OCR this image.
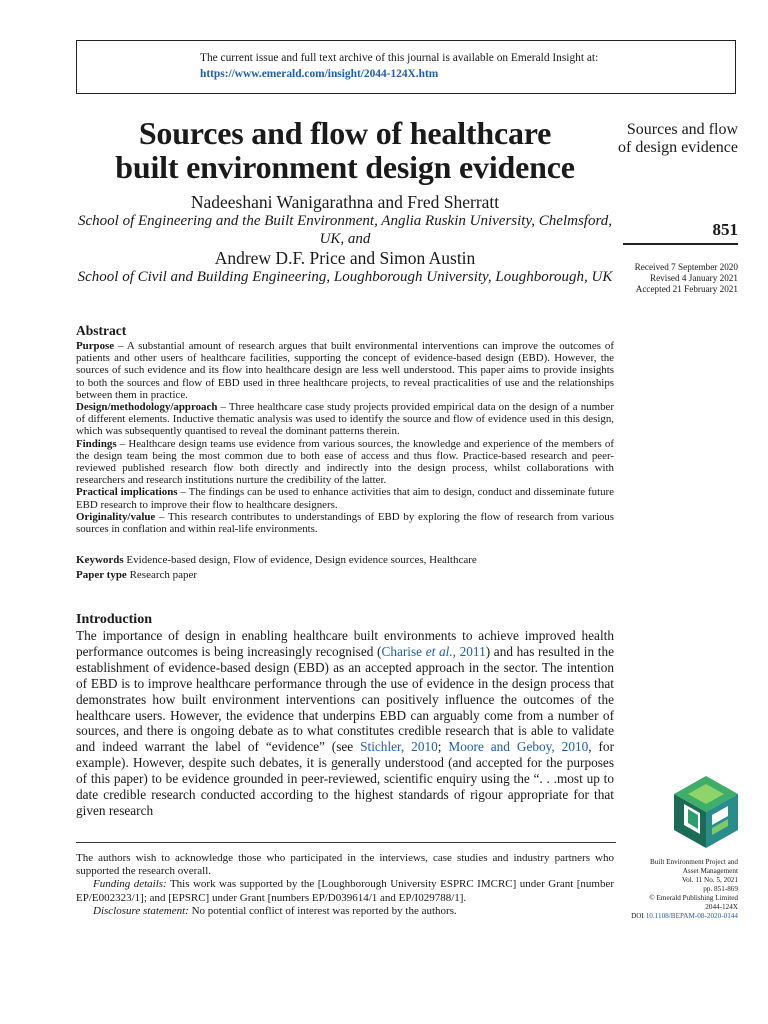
The current issue and full text archive of this journal is available on Emerald Insight at:
https://www.emerald.com/insight/2044-124X.htm
Sources and flow of healthcare
built environment design evidence
Nadeeshani Wanigarathna and Fred Sherratt
School of Engineering and the Built Environment, Anglia Ruskin University, Chelmsford, UK, and
Andrew D.F. Price and Simon Austin
School of Civil and Building Engineering, Loughborough University, Loughborough, UK
Sources and flow of design evidence
851
Received 7 September 2020
Revised 4 January 2021
Accepted 21 February 2021
Abstract

Purpose – A substantial amount of research argues that built environmental interventions can improve the outcomes of patients and other users of healthcare facilities, supporting the concept of evidence-based design (EBD). However, the sources of such evidence and its flow into healthcare design are less well understood. This paper aims to provide insights to both the sources and flow of EBD used in three healthcare projects, to reveal practicalities of use and the relationships between them in practice.

Design/methodology/approach – Three healthcare case study projects provided empirical data on the design of a number of different elements. Inductive thematic analysis was used to identify the source and flow of evidence used in this design, which was subsequently quantised to reveal the dominant patterns therein.

Findings – Healthcare design teams use evidence from various sources, the knowledge and experience of the members of the design team being the most common due to both ease of access and thus flow. Practice-based research and peer-reviewed published research flow both directly and indirectly into the design process, whilst collaborations with researchers and research institutions nurture the credibility of the latter.

Practical implications – The findings can be used to enhance activities that aim to design, conduct and disseminate future EBD research to improve their flow to healthcare designers.

Originality/value – This research contributes to understandings of EBD by exploring the flow of research from various sources in conflation and within real-life environments.

Keywords Evidence-based design, Flow of evidence, Design evidence sources, Healthcare
Paper type Research paper
Introduction

The importance of design in enabling healthcare built environments to achieve improved health performance outcomes is being increasingly recognised (Charise et al., 2011) and has resulted in the establishment of evidence-based design (EBD) as an accepted approach in the sector. The intention of EBD is to improve healthcare performance through the use of evidence in the design process that demonstrates how built environment interventions can positively influence the outcomes of the healthcare users. However, the evidence that underpins EBD can arguably come from a number of sources, and there is ongoing debate as to what constitutes credible research that is able to validate and indeed warrant the label of “evidence” (see Stichler, 2010; Moore and Geboy, 2010, for example). However, despite such debates, it is generally understood (and accepted for the purposes of this paper) to be evidence grounded in peer-reviewed, scientific enquiry using the “. . .most up to date credible research conducted according to the highest standards of rigour appropriate for that given research

The authors wish to acknowledge those who participated in the interviews, case studies and industry partners who supported the research overall.

Funding details: This work was supported by the [Loughborough University ESPRC IMCRC] under Grant [number EP/E002323/1]; and [EPSRC] under Grant [numbers EP/D039614/1 and EP/I029788/1].

Disclosure statement: No potential conflict of interest was reported by the authors.

Built Environment Project and
Asset Management
Vol. 11 No. 5, 2021
pp. 851-869
© Emerald Publishing Limited
2044-124X
DOI 10.1108/BEPAM-08-2020-0144
